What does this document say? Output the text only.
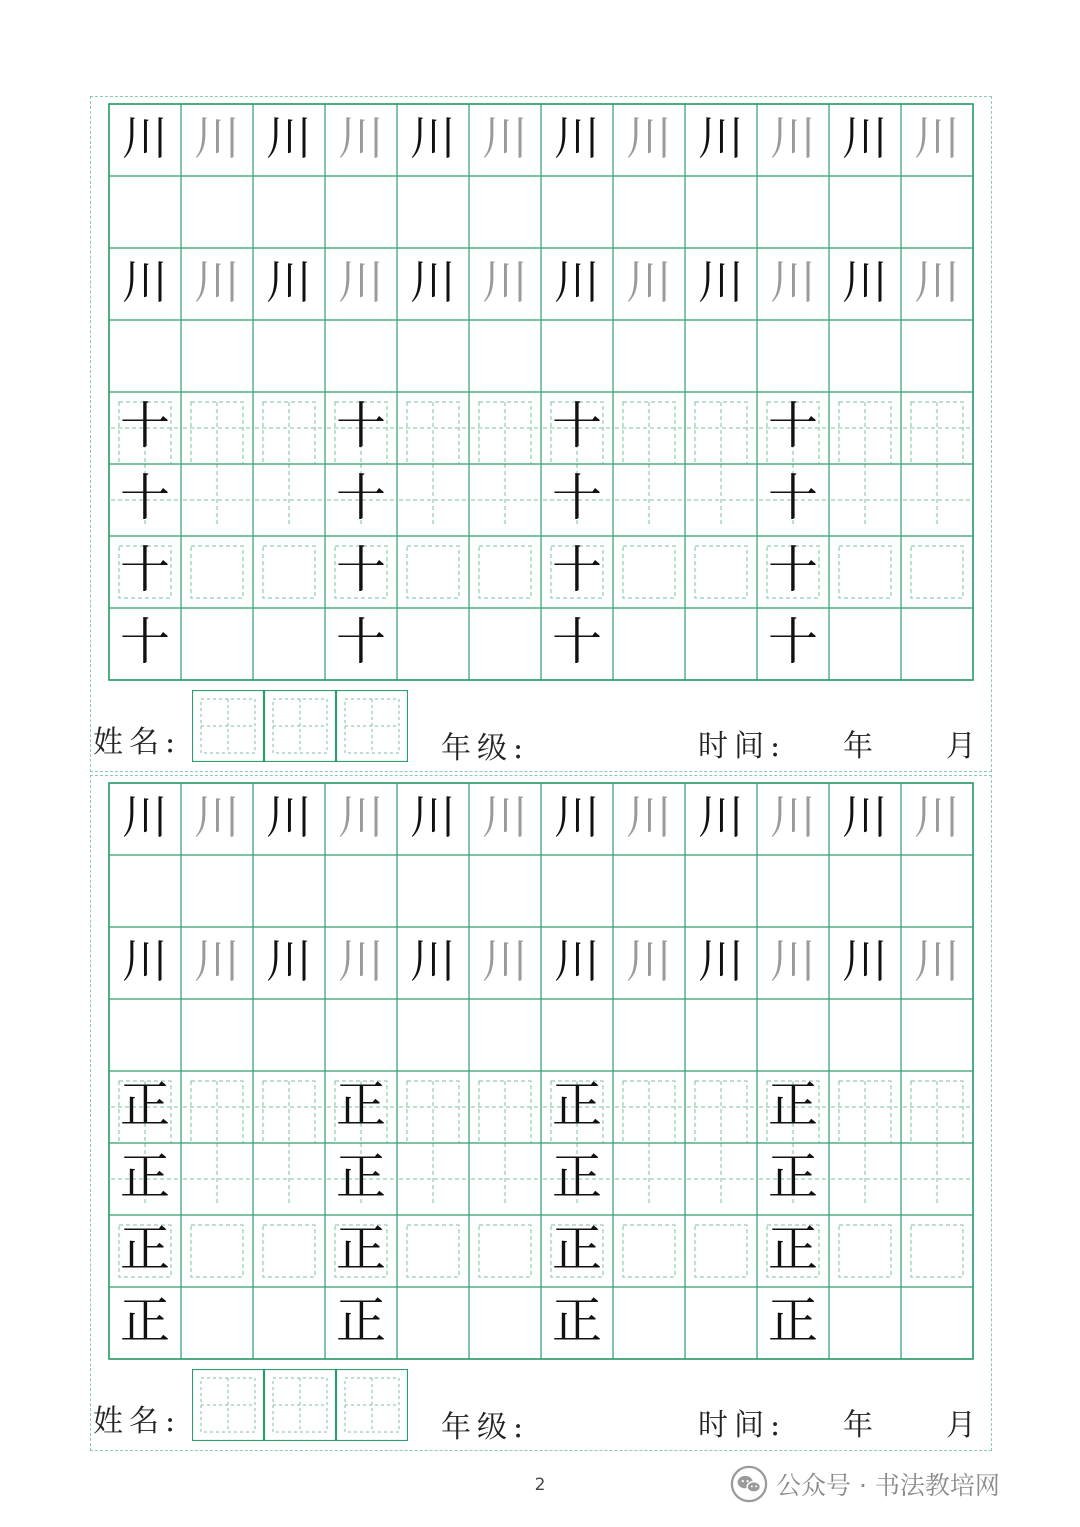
川 川 川 川 川 川 川 川 川 川 川 川
川 川 川 川 川 川 川 川 川 川 川 川
十	十	十	十
十	十	十	十
十	十	十	十
十	十	十	十
姓名:	年级:	时间: 年 月
川 川 川 川 川 川 川 川 川 川 川 川
川 川 川 川 川 川 川 川 川 川 川 川
正	正	正	正
正	正	正	正
正	正	正	正
正	正	正	正
姓名:	年级:	时间: 年 月
2	公众号 · 书法教培网
